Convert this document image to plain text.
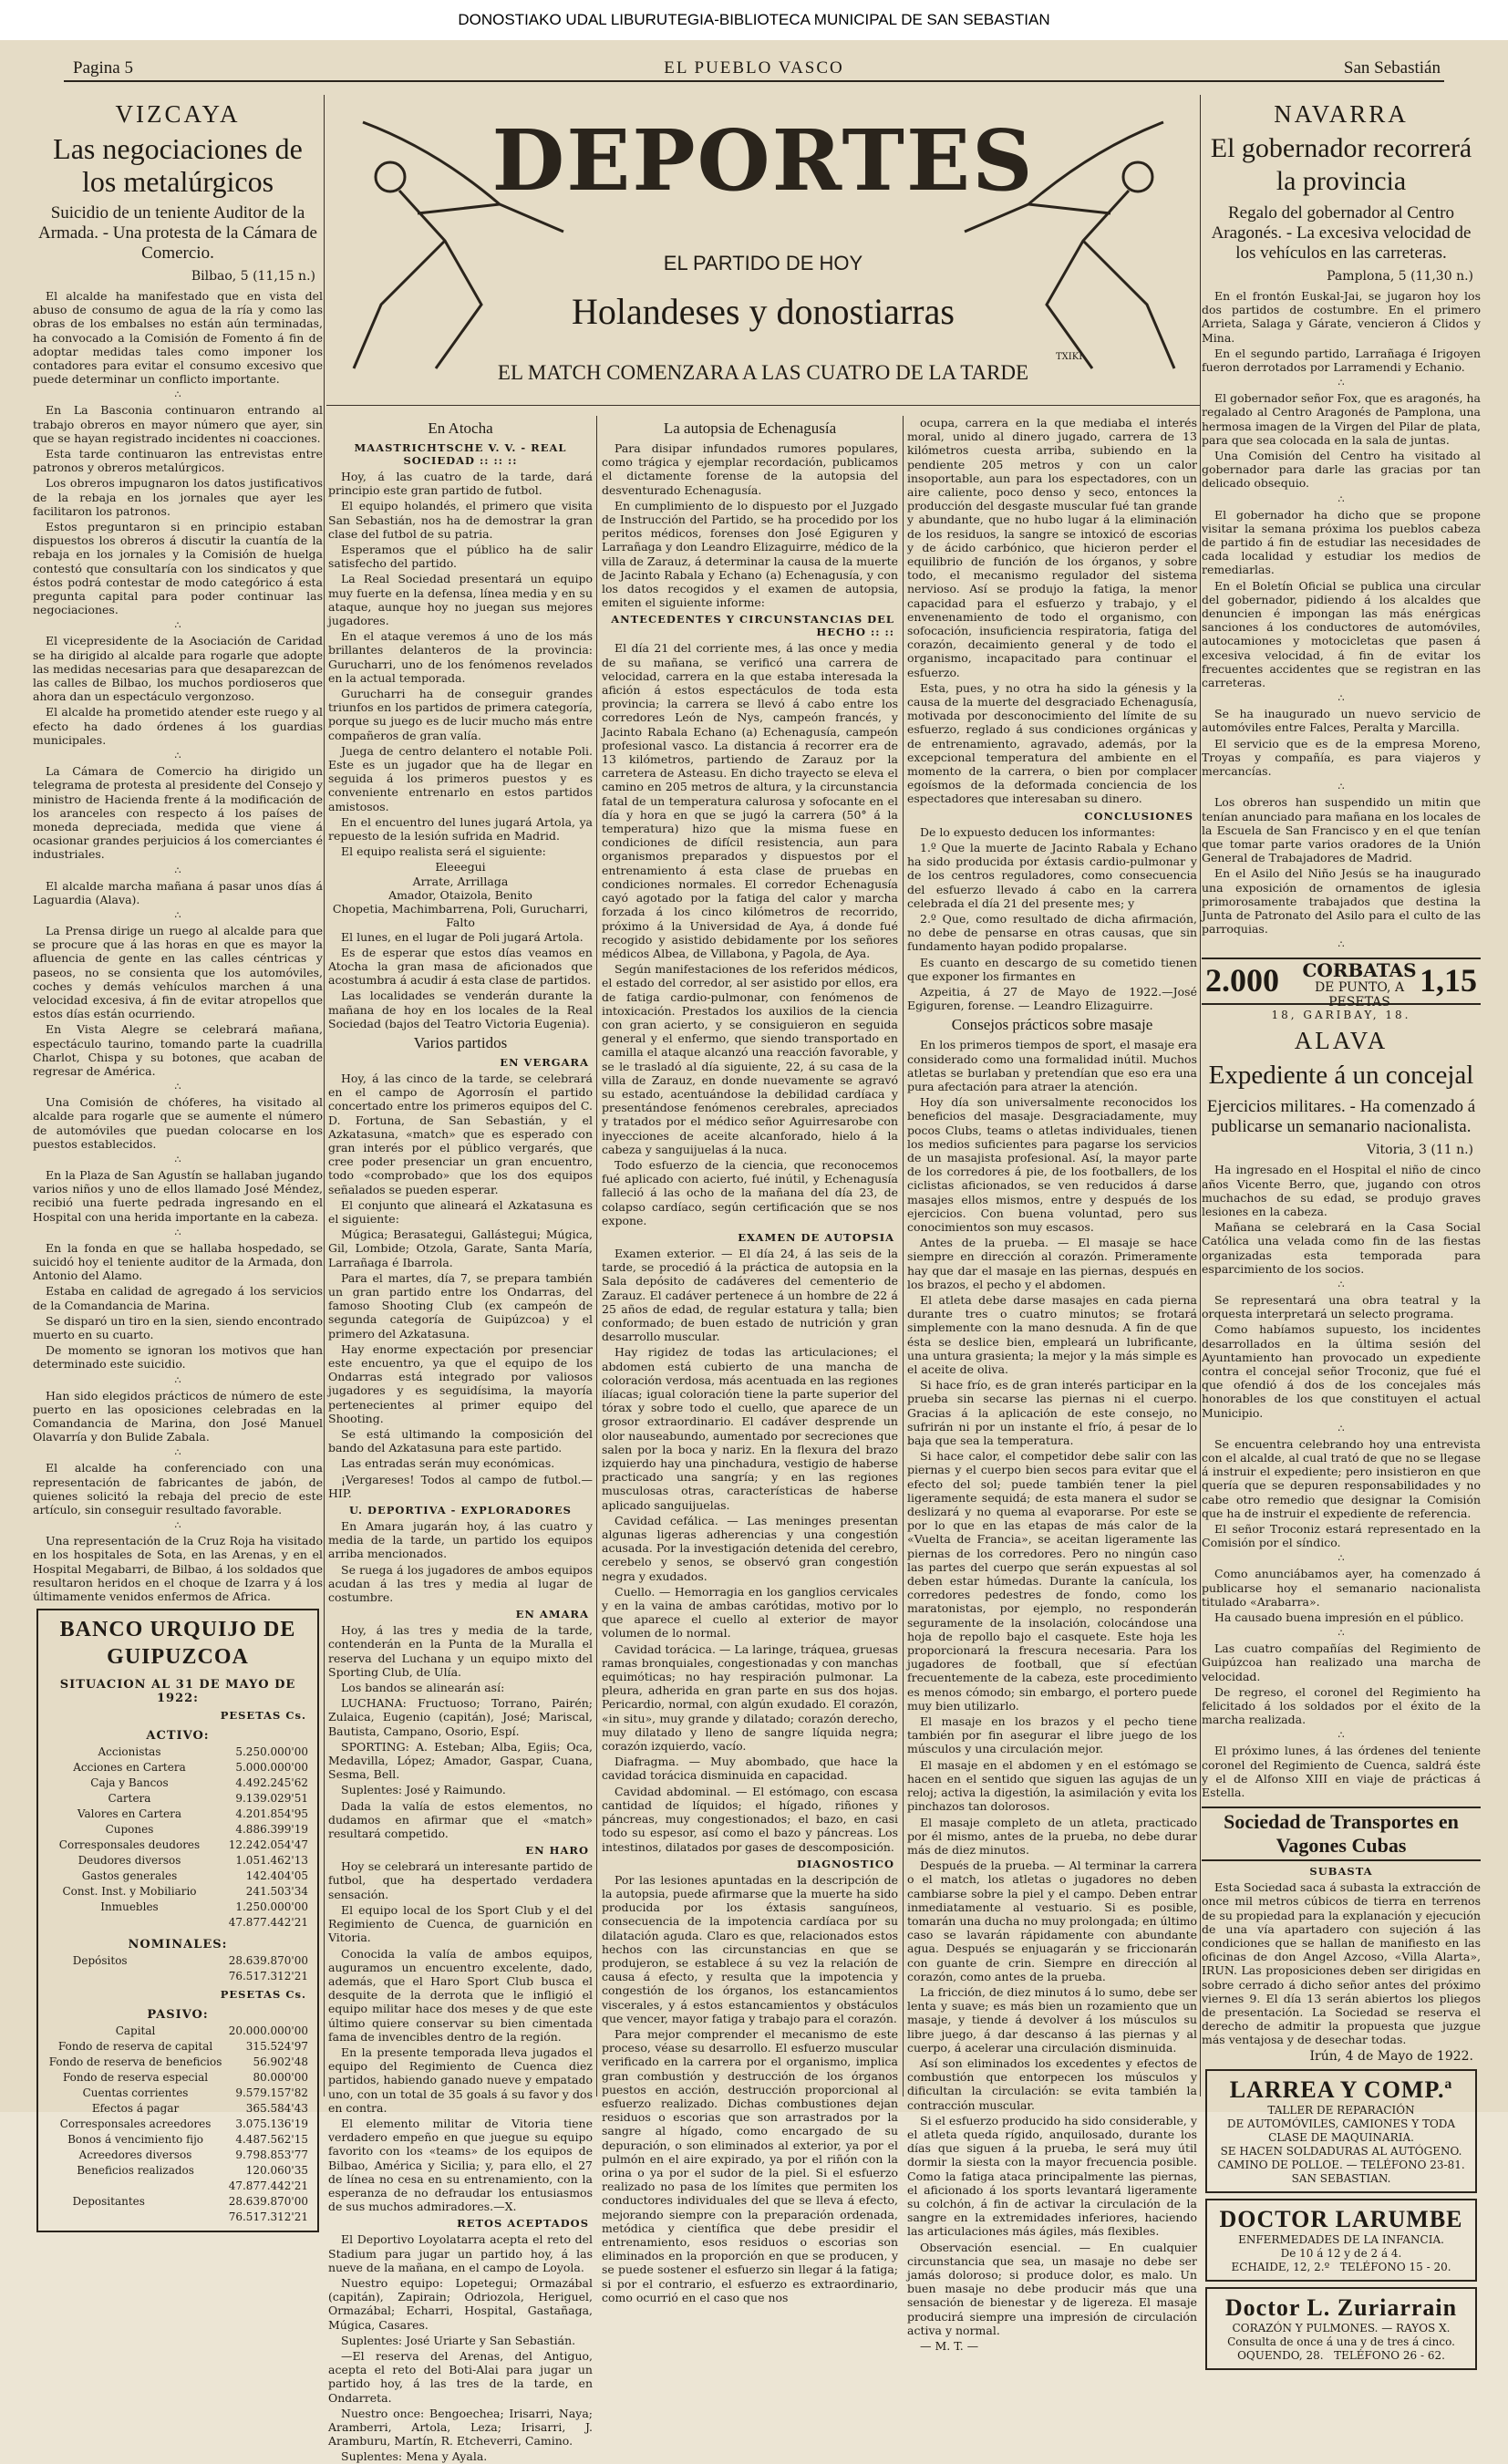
DONOSTIAKO UDAL LIBURUTEGIA-BIBLIOTECA MUNICIPAL DE SAN SEBASTIAN
Pagina 5	EL PUEBLO VASCO	San Sebastián
VIZCAYA
Las negociaciones de los metalúrgicos
Suicidio de un teniente Auditor de la Armada. - Una protesta de la Cámara de Comercio.
Bilbao, 5 (11,15 n.)

El alcalde ha manifestado que en vista del abuso de consumo de agua de la ría y como las obras de los embalses no están aún terminadas, ha convocado a la Comisión de Fomento á fin de adoptar medidas tales como imponer los contadores para evitar el consumo excesivo que puede determinar un conflicto importante.

∴

En La Basconia continuaron entrando al trabajo obreros en mayor número que ayer, sin que se hayan registrado incidentes ni coacciones.

Esta tarde continuaron las entrevistas entre patronos y obreros metalúrgicos.

Los obreros impugnaron los datos justificativos de la rebaja en los jornales que ayer les facilitaron los patronos.

Estos preguntaron si en principio estaban dispuestos los obreros á discutir la cuantía de la rebaja en los jornales y la Comisión de huelga contestó que consultaría con los sindicatos y que éstos podrá contestar de modo categórico á esta pregunta capital para poder continuar las negociaciones.

∴

El vicepresidente de la Asociación de Caridad se ha dirigido al alcalde para rogarle que adopte las medidas necesarias para que desaparezcan de las calles de Bilbao, los muchos pordioseros que ahora dan un espectáculo vergonzoso.

El alcalde ha prometido atender este ruego y al efecto ha dado órdenes á los guardias municipales.

∴

La Cámara de Comercio ha dirigido un telegrama de protesta al presidente del Consejo y ministro de Hacienda frente á la modificación de los aranceles con respecto á los países de moneda depreciada, medida que viene á ocasionar grandes perjuicios á los comerciantes é industriales.

∴

El alcalde marcha mañana á pasar unos días á Laguardia (Alava).

∴

La Prensa dirige un ruego al alcalde para que se procure que á las horas en que es mayor la afluencia de gente en las calles céntricas y paseos, no se consienta que los automóviles, coches y demás vehículos marchen á una velocidad excesiva, á fin de evitar atropellos que estos días están ocurriendo.

En Vista Alegre se celebrará mañana, espectáculo taurino, tomando parte la cuadrilla Charlot, Chispa y su botones, que acaban de regresar de América.

∴

Una Comisión de chóferes, ha visitado al alcalde para rogarle que se aumente el número de automóviles que puedan colocarse en los puestos establecidos.

∴

En la Plaza de San Agustín se hallaban jugando varios niños y uno de ellos llamado José Méndez, recibió una fuerte pedrada ingresando en el Hospital con una herida importante en la cabeza.

∴

En la fonda en que se hallaba hospedado, se suicidó hoy el teniente auditor de la Armada, don Antonio del Alamo.

Estaba en calidad de agregado á los servicios de la Comandancia de Marina.

Se disparó un tiro en la sien, siendo encontrado muerto en su cuarto.

De momento se ignoran los motivos que han determinado este suicidio.

∴

Han sido elegidos prácticos de número de este puerto en las oposiciones celebradas en la Comandancia de Marina, don José Manuel Olavarría y don Bulide Zabala.

∴

El alcalde ha conferenciado con una representación de fabricantes de jabón, de quienes solicitó la rebaja del precio de este artículo, sin conseguir resultado favorable.

∴

Una representación de la Cruz Roja ha visitado en los hospitales de Sota, en las Arenas, y en el Hospital Megabarri, de Bilbao, á los soldados que resultaron heridos en el choque de Izarra y á los últimamente venidos enfermos de Africa.

BANCO URQUIJO DE GUIPUZCOA
SITUACION AL 31 DE MAYO DE 1922:
PESETAS Cs.
ACTIVO:
Accionistas	5.250.000'00
Acciones en Cartera	5.000.000'00
Caja y Bancos	4.492.245'62
Cartera	9.139.029'51
Valores en Cartera	4.201.854'95
Cupones	4.886.399'19
Corresponsales deudores	12.242.054'47
Deudores diversos	1.051.462'13
Gastos generales	142.404'05
Const. Inst. y Mobiliario	241.503'34
Inmuebles	1.250.000'00
	47.877.442'21
NOMINALES:
Depósitos	28.639.870'00
	76.517.312'21
PESETAS Cs.
PASIVO:
Capital	20.000.000'00
Fondo de reserva de capital	315.524'97
Fondo de reserva de beneficios	56.902'48
Fondo de reserva especial	80.000'00
Cuentas corrientes	9.579.157'82
Efectos á pagar	365.584'43
Corresponsales acreedores	3.075.136'19
Bonos á vencimiento fijo	4.487.562'15
Acreedores diversos	9.798.853'77
Beneficios realizados	120.060'35
	47.877.442'21
Depositantes	28.639.870'00
	76.517.312'21
DEPORTES
EL PARTIDO DE HOY
Holandeses y donostiarras
TXIKI
EL MATCH COMENZARA A LAS CUATRO DE LA TARDE
En Atocha
MAASTRICHTSCHE V. V. - REAL SOCIEDAD :: :: ::

Hoy, á las cuatro de la tarde, dará principio este gran partido de futbol.

El equipo holandés, el primero que visita San Sebastián, nos ha de demostrar la gran clase del futbol de su patria.

Esperamos que el público ha de salir satisfecho del partido.

La Real Sociedad presentará un equipo muy fuerte en la defensa, línea media y en su ataque, aunque hoy no juegan sus mejores jugadores.

En el ataque veremos á uno de los más brillantes delanteros de la provincia: Gurucharri, uno de los fenómenos revelados en la actual temporada.

Gurucharri ha de conseguir grandes triunfos en los partidos de primera categoría, porque su juego es de lucir mucho más entre compañeros de gran valía.

Juega de centro delantero el notable Poli. Este es un jugador que ha de llegar en seguida á los primeros puestos y es conveniente entrenarlo en estos partidos amistosos.

En el encuentro del lunes jugará Artola, ya repuesto de la lesión sufrida en Madrid.

El equipo realista será el siguiente:

Eleeegui
Arrate, Arrillaga
Amador, Otaizola, Benito
Chopetia, Machimbarrena, Poli, Gurucharri, Falto

El lunes, en el lugar de Poli jugará Artola.

Es de esperar que estos días veamos en Atocha la gran masa de aficionados que acostumbra á acudir á esta clase de partidos.

Las localidades se venderán durante la mañana de hoy en los locales de la Real Sociedad (bajos del Teatro Victoria Eugenia).

Varios partidos
EN VERGARA

Hoy, á las cinco de la tarde, se celebrará en el campo de Agorrosín el partido concertado entre los primeros equipos del C. D. Fortuna, de San Sebastián, y el Azkatasuna, «match» que es esperado con gran interés por el público vergarés, que cree poder presenciar un gran encuentro, todo «comprobado» que los dos equipos señalados se pueden esperar.

El conjunto que alineará el Azkatasuna es el siguiente:

Múgica; Berasategui, Gallástegui; Múgica, Gil, Lombide; Otzola, Garate, Santa María, Larrañaga é Ibarrola.

Para el martes, día 7, se prepara también un gran partido entre los Ondarras, del famoso Shooting Club (ex campeón de segunda categoría de Guipúzcoa) y el primero del Azkatasuna.

Hay enorme expectación por presenciar este encuentro, ya que el equipo de los Ondarras está integrado por valiosos jugadores y es seguidísima, la mayoría pertenecientes al primer equipo del Shooting.

Se está ultimando la composición del bando del Azkatasuna para este partido.

Las entradas serán muy económicas.

¡Vergareses! Todos al campo de futbol.—HIP.

U. DEPORTIVA - EXPLORADORES

En Amara jugarán hoy, á las cuatro y media de la tarde, un partido los equipos arriba mencionados.

Se ruega á los jugadores de ambos equipos acudan á las tres y media al lugar de costumbre.

EN AMARA

Hoy, á las tres y media de la tarde, contenderán en la Punta de la Muralla el reserva del Luchana y un equipo mixto del Sporting Club, de Ulía.

Los bandos se alinearán así:

LUCHANA: Fructuoso; Torrano, Pairén; Zulaica, Eugenio (capitán), José; Mariscal, Bautista, Campano, Osorio, Espí.

SPORTING: A. Esteban; Alba, Egiis; Oca, Medavilla, López; Amador, Gaspar, Cuana, Sesma, Bell.

Suplentes: José y Raimundo.

Dada la valía de estos elementos, no dudamos en afirmar que el «match» resultará competido.

EN HARO

Hoy se celebrará un interesante partido de futbol, que ha despertado verdadera sensación.

El equipo local de los Sport Club y el del Regimiento de Cuenca, de guarnición en Vitoria.

Conocida la valía de ambos equipos, auguramos un encuentro excelente, dado, además, que el Haro Sport Club busca el desquite de la derrota que le infligió el equipo militar hace dos meses y de que este último quiere conservar su bien cimentada fama de invencibles dentro de la región.

En la presente temporada lleva jugados el equipo del Regimiento de Cuenca diez partidos, habiendo ganado nueve y empatado uno, con un total de 35 goals á su favor y dos en contra.

El elemento militar de Vitoria tiene verdadero empeño en que juegue su equipo favorito con los «teams» de los equipos de Bilbao, América y Sicilia; y, para ello, el 27 de línea no cesa en su entrenamiento, con la esperanza de no defraudar los entusiasmos de sus muchos admiradores.—X.

RETOS ACEPTADOS

El Deportivo Loyolatarra acepta el reto del Stadium para jugar un partido hoy, á las nueve de la mañana, en el campo de Loyola.

Nuestro equipo: Lopetegui; Ormazábal (capitán), Zapirain; Odriozola, Heriguel, Ormazábal; Echarri, Hospital, Gastañaga, Múgica, Casares.

Suplentes: José Uriarte y San Sebastián.

—El reserva del Arenas, del Antiguo, acepta el reto del Boti-Alai para jugar un partido hoy, á las tres de la tarde, en Ondarreta.

Nuestro once: Bengoechea; Irisarri, Naya; Aramberri, Artola, Leza; Irisarri, J. Aramburu, Martín, R. Etcheverri, Camino.

Suplentes: Mena y Ayala.

La autopsia de Echenagusía

Para disipar infundados rumores populares, como trágica y ejemplar recordación, publicamos el dictamente forense de la autopsia del desventurado Echenagusía.

En cumplimiento de lo dispuesto por el Juzgado de Instrucción del Partido, se ha procedido por los peritos médicos, forenses don José Egiguren y Larrañaga y don Leandro Elizaguirre, médico de la villa de Zarauz, á determinar la causa de la muerte de Jacinto Rabala y Echano (a) Echenagusía, y con los datos recogidos y el examen de autopsia, emiten el siguiente informe:

ANTECEDENTES Y CIRCUNSTANCIAS DEL HECHO :: ::

El día 21 del corriente mes, á las once y media de su mañana, se verificó una carrera de velocidad, carrera en la que estaba interesada la afición á estos espectáculos de toda esta provincia; la carrera se llevó á cabo entre los corredores León de Nys, campeón francés, y Jacinto Rabala Echano (a) Echenagusía, campeón profesional vasco. La distancia á recorrer era de 13 kilómetros, partiendo de Zarauz por la carretera de Asteasu. En dicho trayecto se eleva el camino en 205 metros de altura, y la circunstancia fatal de un temperatura calurosa y sofocante en el día y hora en que se jugó la carrera (50° á la temperatura) hizo que la misma fuese en condiciones de difícil resistencia, aun para organismos preparados y dispuestos por el entrenamiento á esta clase de pruebas en condiciones normales. El corredor Echenagusía cayó agotado por la fatiga del calor y marcha forzada á los cinco kilómetros de recorrido, próximo á la Universidad de Aya, á donde fué recogido y asistido debidamente por los señores médicos Albea, de Villabona, y Pagola, de Aya.

Según manifestaciones de los referidos médicos, el estado del corredor, al ser asistido por ellos, era de fatiga cardio-pulmonar, con fenómenos de intoxicación. Prestados los auxilios de la ciencia con gran acierto, y se consiguieron en seguida general y el enfermo, que siendo transportado en camilla el ataque alcanzó una reacción favorable, y se le trasladó al día siguiente, 22, á su casa de la villa de Zarauz, en donde nuevamente se agravó su estado, acentuándose la debilidad cardíaca y presentándose fenómenos cerebrales, apreciados y tratados por el médico señor Aguirresarobe con inyecciones de aceite alcanforado, hielo á la cabeza y sanguijuelas á la nuca.

Todo esfuerzo de la ciencia, que reconocemos fué aplicado con acierto, fué inútil, y Echenagusía falleció á las ocho de la mañana del día 23, de colapso cardíaco, según certificación que se nos expone.

EXAMEN DE AUTOPSIA

Examen exterior. — El día 24, á las seis de la tarde, se procedió á la práctica de autopsia en la Sala depósito de cadáveres del cementerio de Zarauz. El cadáver pertenece á un hombre de 22 á 25 años de edad, de regular estatura y talla; bien conformado; de buen estado de nutrición y gran desarrollo muscular.

Hay rigidez de todas las articulaciones; el abdomen está cubierto de una mancha de coloración verdosa, más acentuada en las regiones ilíacas; igual coloración tiene la parte superior del tórax y sobre todo el cuello, que aparece de un grosor extraordinario. El cadáver desprende un olor nauseabundo, aumentado por secreciones que salen por la boca y nariz. En la flexura del brazo izquierdo hay una pinchadura, vestigio de haberse practicado una sangría; y en las regiones musculosas otras, características de haberse aplicado sanguijuelas.

Cavidad cefálica. — Las meninges presentan algunas ligeras adherencias y una congestión acusada. Por la investigación detenida del cerebro, cerebelo y senos, se observó gran congestión negra y exudados.

Cuello. — Hemorragia en los ganglios cervicales y en la vaina de ambas carótidas, motivo por lo que aparece el cuello al exterior de mayor volumen de lo normal.

Cavidad torácica. — La laringe, tráquea, gruesas ramas bronquiales, congestionadas y con manchas equimóticas; no hay respiración pulmonar. La pleura, adherida en gran parte en sus dos hojas. Pericardio, normal, con algún exudado. El corazón, «in situ», muy grande y dilatado; corazón derecho, muy dilatado y lleno de sangre líquida negra; corazón izquierdo, vacío.

Diafragma. — Muy abombado, que hace la cavidad torácica disminuida en capacidad.

Cavidad abdominal. — El estómago, con escasa cantidad de líquidos; el hígado, riñones y páncreas, muy congestionados; el bazo, en casi todo su espesor, así como el bazo y páncreas. Los intestinos, dilatados por gases de descomposición.

DIAGNOSTICO

Por las lesiones apuntadas en la descripción de la autopsia, puede afirmarse que la muerte ha sido producida por los éxtasis sanguíneos, consecuencia de la impotencia cardíaca por su dilatación aguda. Claro es que, relacionados estos hechos con las circunstancias en que se produjeron, se establece á su vez la relación de causa á efecto, y resulta que la impotencia y congestión de los órganos, los estancamientos viscerales, y á estos estancamientos y obstáculos que vencer, mayor fatiga y trabajo para el corazón.

Para mejor comprender el mecanismo de este proceso, véase su desarrollo. El esfuerzo muscular verificado en la carrera por el organismo, implica gran combustión y destrucción de los órganos puestos en acción, destrucción proporcional al esfuerzo realizado. Dichas combustiones dejan residuos o escorias que son arrastrados por la sangre al hígado, como encargado de su depuración, o son eliminados al exterior, ya por el pulmón en el aire expirado, ya por el riñón con la orina o ya por el sudor de la piel. Si el esfuerzo realizado no pasa de los límites que permiten los conductores individuales del que se lleva á efecto, mejorando siempre con la preparación ordenada, metódica y científica que debe presidir el entrenamiento, esos residuos o escorias son eliminados en la proporción en que se producen, y se puede sostener el esfuerzo sin llegar á la fatiga; si por el contrario, el esfuerzo es extraordinario, como ocurrió en el caso que nos

ocupa, carrera en la que mediaba el interés moral, unido al dinero jugado, carrera de 13 kilómetros cuesta arriba, subiendo en la pendiente 205 metros y con un calor insoportable, aun para los espectadores, con un aire caliente, poco denso y seco, entonces la producción del desgaste muscular fué tan grande y abundante, que no hubo lugar á la eliminación de los residuos, la sangre se intoxicó de escorias y de ácido carbónico, que hicieron perder el equilibrio de función de los órganos, y sobre todo, el mecanismo regulador del sistema nervioso. Así se produjo la fatiga, la menor capacidad para el esfuerzo y trabajo, y el envenenamiento de todo el organismo, con sofocación, insuficiencia respiratoria, fatiga del corazón, decaimiento general y de todo el organismo, incapacitado para continuar el esfuerzo.

Esta, pues, y no otra ha sido la génesis y la causa de la muerte del desgraciado Echenagusía, motivada por desconocimiento del límite de su esfuerzo, reglado á sus condiciones orgánicas y de entrenamiento, agravado, además, por la excepcional temperatura del ambiente en el momento de la carrera, o bien por complacer egoísmos de la deformada conciencia de los espectadores que interesaban su dinero.

CONCLUSIONES

De lo expuesto deducen los informantes:

1.º Que la muerte de Jacinto Rabala y Echano ha sido producida por éxtasis cardio-pulmonar y de los centros reguladores, como consecuencia del esfuerzo llevado á cabo en la carrera celebrada el día 21 del presente mes; y

2.º Que, como resultado de dicha afirmación, no debe de pensarse en otras causas, que sin fundamento hayan podido propalarse.

Es cuanto en descargo de su cometido tienen que exponer los firmantes en

Azpeitia, á 27 de Mayo de 1922.—José Egiguren, forense. — Leandro Elizaguirre.

Consejos prácticos sobre masaje

En los primeros tiempos de sport, el masaje era considerado como una formalidad inútil. Muchos atletas se burlaban y pretendían que eso era una pura afectación para atraer la atención.

Hoy día son universalmente reconocidos los beneficios del masaje. Desgraciadamente, muy pocos Clubs, teams o atletas individuales, tienen los medios suficientes para pagarse los servicios de un masajista profesional. Así, la mayor parte de los corredores á pie, de los footballers, de los ciclistas aficionados, se ven reducidos á darse masajes ellos mismos, entre y después de los ejercicios. Con buena voluntad, pero sus conocimientos son muy escasos.

Antes de la prueba. — El masaje se hace siempre en dirección al corazón. Primeramente hay que dar el masaje en las piernas, después en los brazos, el pecho y el abdomen.

El atleta debe darse masajes en cada pierna durante tres o cuatro minutos; se frotará simplemente con la mano desnuda. A fin de que ésta se deslice bien, empleará un lubrificante, una untura grasienta; la mejor y la más simple es el aceite de oliva.

Si hace frío, es de gran interés participar en la prueba sin secarse las piernas ni el cuerpo. Gracias á la aplicación de este consejo, no sufrirán ni por un instante el frío, á pesar de lo baja que sea la temperatura.

Si hace calor, el competidor debe salir con las piernas y el cuerpo bien secos para evitar que el efecto del sol; puede también tener la piel ligeramente sequidá; de esta manera el sudor se deslizará y no quema al evaporarse. Por este se por lo que en las etapas de más calor de la «Vuelta de Francia», se aceitan ligeramente las piernas de los corredores. Pero no ningún caso las partes del cuerpo que serán expuestas al sol deben estar húmedas. Durante la canícula, los corredores pedestres de fondo, como los maratonistas, por ejemplo, no responderán seguramente de la insolación, colocándose una hoja de repollo bajo el casquete. Este hoja les proporcionará la frescura necesaria. Para los jugadores de football, que sí efectúan frecuentemente de la cabeza, este procedimiento es menos cómodo; sin embargo, el portero puede muy bien utilizarlo.

El masaje en los brazos y el pecho tiene también por fin asegurar el libre juego de los músculos y una circulación mejor.

El masaje en el abdomen y en el estómago se hacen en el sentido que siguen las agujas de un reloj; activa la digestión, la asimilación y evita los pinchazos tan dolorosos.

El masaje completo de un atleta, practicado por él mismo, antes de la prueba, no debe durar más de diez minutos.

Después de la prueba. — Al terminar la carrera o el match, los atletas o jugadores no deben cambiarse sobre la piel y el campo. Deben entrar inmediatamente al vestuario. Si es posible, tomarán una ducha no muy prolongada; en último caso se lavarán rápidamente con abundante agua. Después se enjuagarán y se friccionarán con guante de crin. Siempre en dirección al corazón, como antes de la prueba.

La fricción, de diez minutos á lo sumo, debe ser lenta y suave; es más bien un rozamiento que un masaje, y tiende á devolver á los músculos su libre juego, á dar descanso á las piernas y al cuerpo, á acelerar una circulación disminuida.

Así son eliminados los excedentes y efectos de combustión que entorpecen los músculos y dificultan la circulación: se evita también la contracción muscular.

Si el esfuerzo producido ha sido considerable, y el atleta queda rígido, anquilosado, durante los días que siguen á la prueba, le será muy útil dormir la siesta con la mayor frecuencia posible. Como la fatiga ataca principalmente las piernas, el aficionado á los sports levantará ligeramente su colchón, á fin de activar la circulación de la sangre en la extremidades inferiores, haciendo las articulaciones más ágiles, más flexibles.

Observación esencial. — En cualquier circunstancia que sea, un masaje no debe ser jamás doloroso; si produce dolor, es malo. Un buen masaje no debe producir más que una sensación de bienestar y de ligereza. El masaje producirá siempre una impresión de circulación activa y normal.

— M. T. —

NAVARRA
El gobernador recorrerá la provincia
Regalo del gobernador al Centro Aragonés. - La excesiva velocidad de los vehículos en las carreteras.
Pamplona, 5 (11,30 n.)

En el frontón Euskal-Jai, se jugaron hoy los dos partidos de costumbre. En el primero Arrieta, Salaga y Gárate, vencieron á Clidos y Mina.

En el segundo partido, Larrañaga é Irigoyen fueron derrotados por Larramendi y Echanio.

∴

El gobernador señor Fox, que es aragonés, ha regalado al Centro Aragonés de Pamplona, una hermosa imagen de la Virgen del Pilar de plata, para que sea colocada en la sala de juntas.

Una Comisión del Centro ha visitado al gobernador para darle las gracias por tan delicado obsequio.

∴

El gobernador ha dicho que se propone visitar la semana próxima los pueblos cabeza de partido á fin de estudiar las necesidades de cada localidad y estudiar los medios de remediarlas.

En el Boletín Oficial se publica una circular del gobernador, pidiendo á los alcaldes que denuncien é impongan las más enérgicas sanciones á los conductores de automóviles, autocamiones y motocicletas que pasen á excesiva velocidad, á fin de evitar los frecuentes accidentes que se registran en las carreteras.

∴

Se ha inaugurado un nuevo servicio de automóviles entre Falces, Peralta y Marcilla.

El servicio que es de la empresa Moreno, Troyas y compañía, es para viajeros y mercancías.

∴

Los obreros han suspendido un mitin que tenían anunciado para mañana en los locales de la Escuela de San Francisco y en el que tenían que tomar parte varios oradores de la Unión General de Trabajadores de Madrid.

En el Asilo del Niño Jesús se ha inaugurado una exposición de ornamentos de iglesia primorosamente trabajados que destina la Junta de Patronato del Asilo para el culto de las parroquias.

∴
2.000 CORBATAS
DE PUNTO, A PESETAS
1,15
18, GARIBAY, 18.
ALAVA
Expediente á un concejal
Ejercicios militares. - Ha comenzado á publicarse un semanario nacionalista.
Vitoria, 3 (11 n.)

Ha ingresado en el Hospital el niño de cinco años Vicente Berro, que, jugando con otros muchachos de su edad, se produjo graves lesiones en la cabeza.

Mañana se celebrará en la Casa Social Católica una velada como fin de las fiestas organizadas esta temporada para esparcimiento de los socios.

∴

Se representará una obra teatral y la orquesta interpretará un selecto programa.

Como habíamos supuesto, los incidentes desarrollados en la última sesión del Ayuntamiento han provocado un expediente contra el concejal señor Troconiz, que fué el que ofendió á dos de los concejales más honorables de los que constituyen el actual Municipio.

∴

Se encuentra celebrando hoy una entrevista con el alcalde, al cual trató de que no se llegase á instruir el expediente; pero insistieron en que quería que se depuren responsabilidades y no cabe otro remedio que designar la Comisión que ha de instruir el expediente de referencia.

El señor Troconiz estará representado en la Comisión por el síndico.

∴

Como anunciábamos ayer, ha comenzado á publicarse hoy el semanario nacionalista titulado «Arabarra».

Ha causado buena impresión en el público.

∴

Las cuatro compañías del Regimiento de Guipúzcoa han realizado una marcha de velocidad.

De regreso, el coronel del Regimiento ha felicitado á los soldados por el éxito de la marcha realizada.

∴

El próximo lunes, á las órdenes del teniente coronel del Regimiento de Cuenca, saldrá éste y el de Alfonso XIII en viaje de prácticas á Estella.

Sociedad de Transportes en Vagones Cubas
SUBASTA

Esta Sociedad saca á subasta la extracción de once mil metros cúbicos de tierra en terrenos de su propiedad para la explanación y ejecución de una vía apartadero con sujeción á las condiciones que se hallan de manifiesto en las oficinas de don Angel Azcoso, «Villa Alarta», IRUN. Las proposiciones deben ser dirigidas en sobre cerrado á dicho señor antes del próximo viernes 9. El día 13 serán abiertos los pliegos de presentación. La Sociedad se reserva el derecho de admitir la propuesta que juzgue más ventajosa y de desechar todas.

Irún, 4 de Mayo de 1922.
LARREA Y COMP.ª
TALLER DE REPARACIÓN
DE AUTOMÓVILES, CAMIONES Y TODA
CLASE DE MAQUINARIA.
SE HACEN SOLDADURAS AL AUTÓGENO.
CAMINO DE POLLOE. — TELÉFONO 23-81.
SAN SEBASTIAN.
DOCTOR LARUMBE
ENFERMEDADES DE LA INFANCIA.
De 10 á 12 y de 2 á 4.
ECHAIDE, 12, 2.º TELÉFONO 15 - 20.
Doctor L. Zuriarrain
CORAZÓN Y PULMONES. — RAYOS X.
Consulta de once á una y de tres á cinco.
OQUENDO, 28. TELÉFONO 26 - 62.
